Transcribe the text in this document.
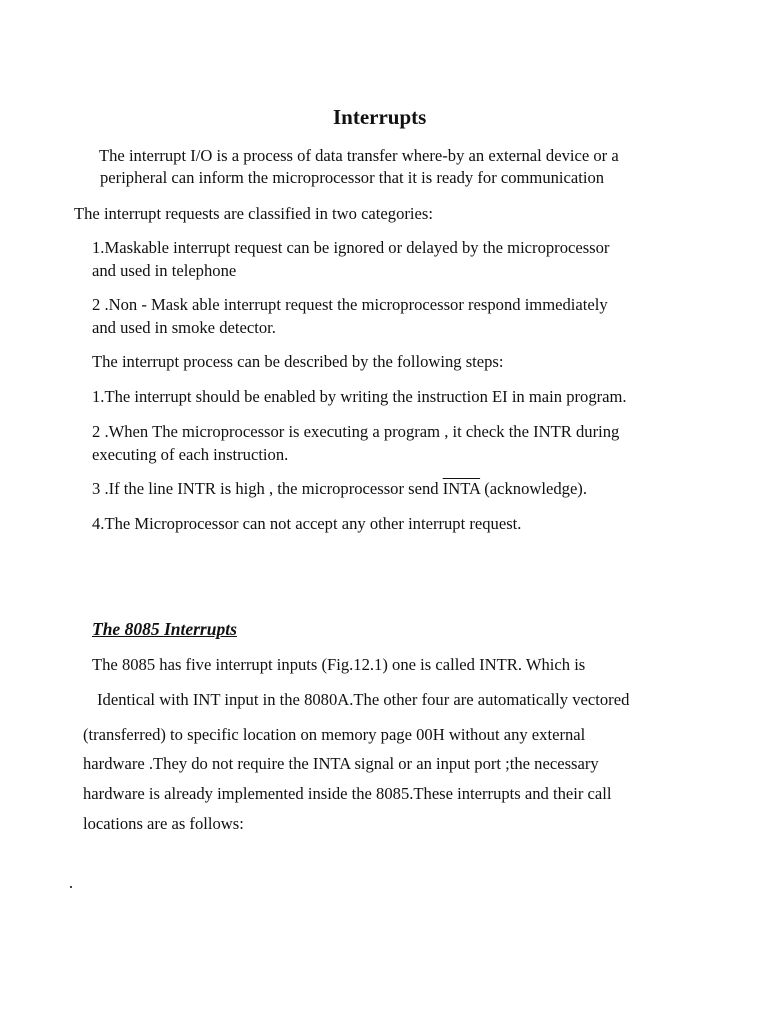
Interrupts
The interrupt I/O is a process of data transfer where-by an external device or a
peripheral can inform the microprocessor that it is ready for communication
The interrupt requests are classified in two categories:
1.Maskable interrupt request can be ignored or delayed by the microprocessor
and used in telephone
2 .Non - Mask able interrupt request the microprocessor respond immediately
and used in smoke detector.
The interrupt process can be described by the following steps:
1.The interrupt should be enabled by writing the instruction EI in main program.
2 .When The microprocessor is executing a program , it check the INTR during
executing of each instruction.
3 .If the line INTR is high , the microprocessor send INTA (acknowledge).
4.The Microprocessor can not accept any other interrupt request.
The 8085 Interrupts
The 8085 has five interrupt inputs (Fig.12.1) one is called INTR. Which is
Identical with INT input in the 8080A.The other four are automatically vectored
(transferred) to specific location on memory page 00H without any external
hardware .They do not require the INTA signal or an input port ;the necessary
hardware is already implemented inside the 8085.These interrupts and their call
locations are as follows:
